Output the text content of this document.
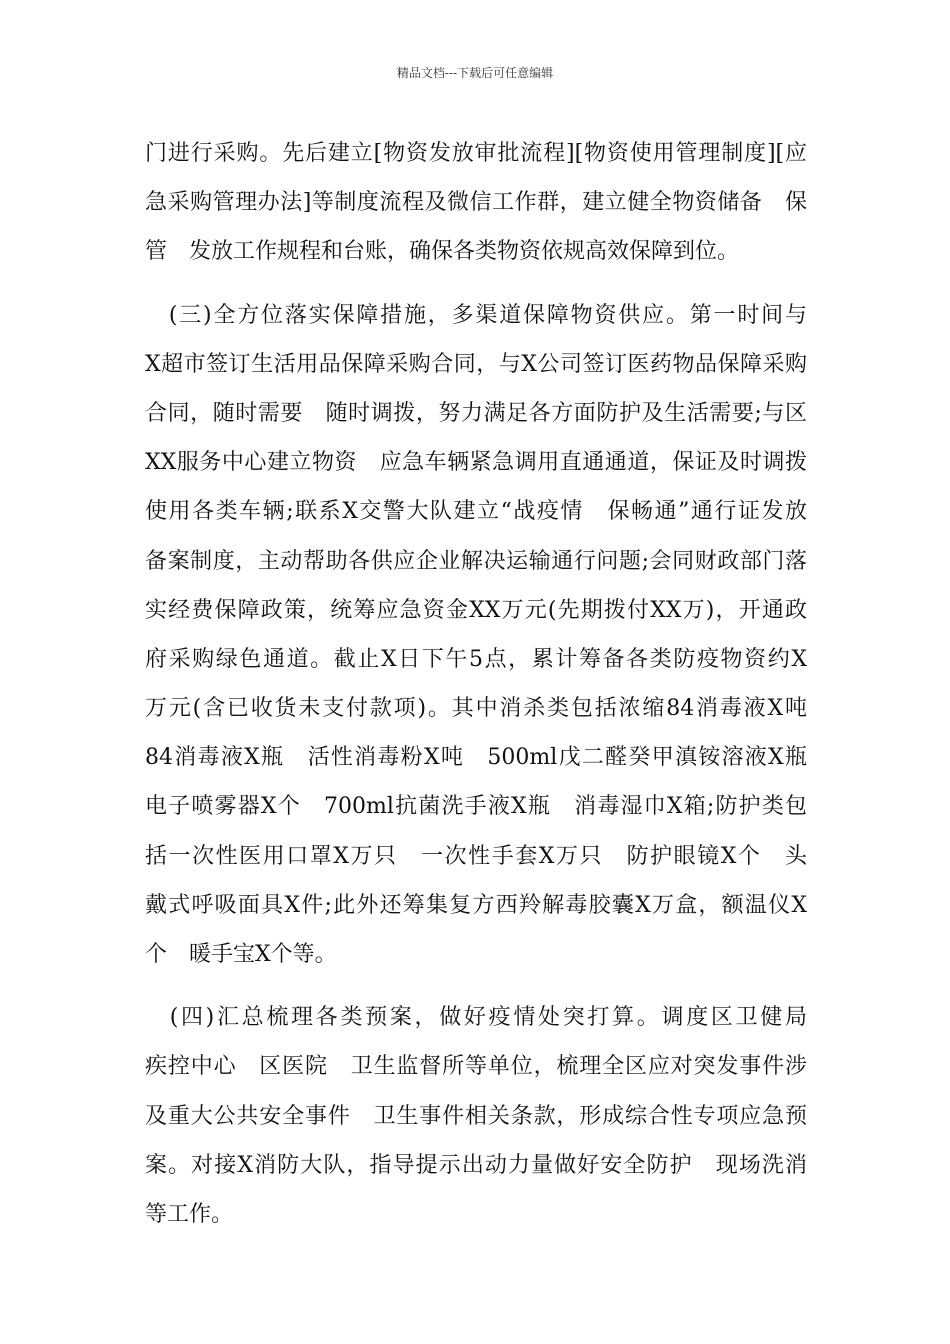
精品文档---下载后可任意编辑
门进行采购。先后建立[物资发放审批流程][物资使用管理制度][应
急采购管理办法]等制度流程及微信工作群，建立健全物资储备　保
管　发放工作规程和台账，确保各类物资依规高效保障到位。
　(三)全方位落实保障措施，多渠道保障物资供应。第一时间与
X超市签订生活用品保障采购合同，与X公司签订医药物品保障采购
合同，随时需要　随时调拨，努力满足各方面防护及生活需要;与区
XX服务中心建立物资　应急车辆紧急调用直通通道，保证及时调拨
使用各类车辆;联系X交警大队建立“战疫情　保畅通”通行证发放
备案制度，主动帮助各供应企业解决运输通行问题;会同财政部门落
实经费保障政策，统筹应急资金XX万元(先期拨付XX万)，开通政
府采购绿色通道。截止X日下午5点，累计筹备各类防疫物资约X
万元(含已收货未支付款项)。其中消杀类包括浓缩84消毒液X吨
84消毒液X瓶　活性消毒粉X吨　500ml戊二醛癸甲滇铵溶液X瓶
电子喷雾器X个　700ml抗菌洗手液X瓶　消毒湿巾X箱;防护类包
括一次性医用口罩X万只　一次性手套X万只　防护眼镜X个　头
戴式呼吸面具X件;此外还筹集复方西羚解毒胶囊X万盒，额温仪X
个　暖手宝X个等。
　(四)汇总梳理各类预案，做好疫情处突打算。调度区卫健局
疾控中心　区医院　卫生监督所等单位，梳理全区应对突发事件涉
及重大公共安全事件　卫生事件相关条款，形成综合性专项应急预
案。对接X消防大队，指导提示出动力量做好安全防护　现场洗消
等工作。
